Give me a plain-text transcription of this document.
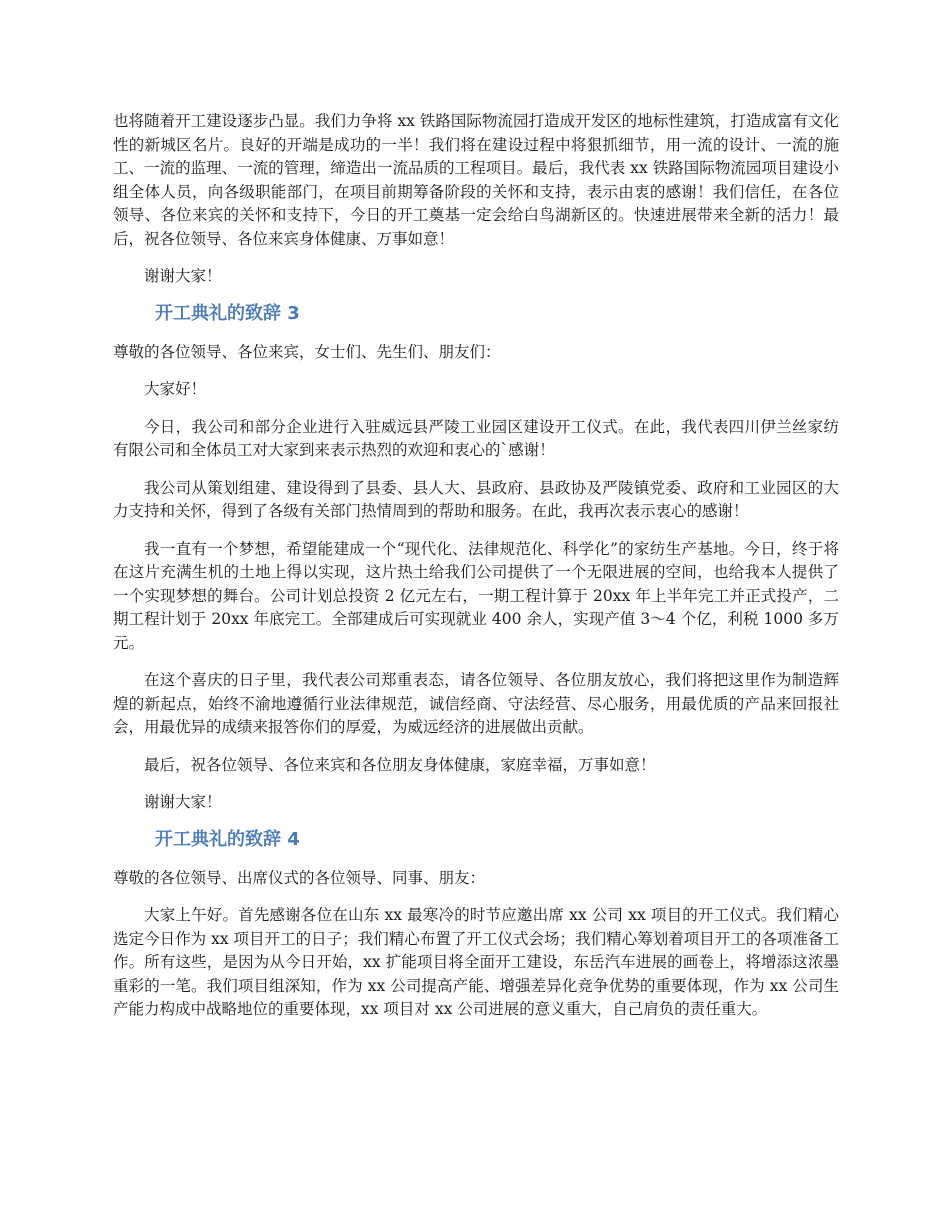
也将随着开工建设逐步凸显。我们力争将 xx 铁路国际物流园打造成开发区的地标性建筑，打造成富有文化性的新城区名片。良好的开端是成功的一半！我们将在建设过程中将狠抓细节，用一流的设计、一流的施工、一流的监理、一流的管理，缔造出一流品质的工程项目。最后，我代表 xx 铁路国际物流园项目建设小组全体人员，向各级职能部门，在项目前期筹备阶段的关怀和支持，表示由衷的感谢！我们信任，在各位领导、各位来宾的关怀和支持下，今日的开工奠基一定会给白鸟湖新区的。快速进展带来全新的活力！最后，祝各位领导、各位来宾身体健康、万事如意！

谢谢大家！

开工典礼的致辞 3

尊敬的各位领导、各位来宾，女士们、先生们、朋友们：

大家好！

今日，我公司和部分企业进行入驻威远县严陵工业园区建设开工仪式。在此，我代表四川伊兰丝家纺有限公司和全体员工对大家到来表示热烈的欢迎和衷心的`感谢！

我公司从策划组建、建设得到了县委、县人大、县政府、县政协及严陵镇党委、政府和工业园区的大力支持和关怀，得到了各级有关部门热情周到的帮助和服务。在此，我再次表示衷心的感谢！

我一直有一个梦想，希望能建成一个“现代化、法律规范化、科学化”的家纺生产基地。今日，终于将在这片充满生机的土地上得以实现，这片热土给我们公司提供了一个无限进展的空间，也给我本人提供了一个实现梦想的舞台。公司计划总投资 2 亿元左右，一期工程计算于 20xx 年上半年完工并正式投产，二期工程计划于 20xx 年底完工。全部建成后可实现就业 400 余人，实现产值 3～4 个亿，利税 1000 多万元。

在这个喜庆的日子里，我代表公司郑重表态，请各位领导、各位朋友放心，我们将把这里作为制造辉煌的新起点，始终不渝地遵循行业法律规范，诚信经商、守法经营、尽心服务，用最优质的产品来回报社会，用最优异的成绩来报答你们的厚爱，为威远经济的进展做出贡献。

最后，祝各位领导、各位来宾和各位朋友身体健康，家庭幸福，万事如意！

谢谢大家！

开工典礼的致辞 4

尊敬的各位领导、出席仪式的各位领导、同事、朋友：

大家上午好。首先感谢各位在山东 xx 最寒冷的时节应邀出席 xx 公司 xx 项目的开工仪式。我们精心选定今日作为 xx 项目开工的日子；我们精心布置了开工仪式会场；我们精心筹划着项目开工的各项准备工作。所有这些，是因为从今日开始，xx 扩能项目将全面开工建设，东岳汽车进展的画卷上，将增添这浓墨重彩的一笔。我们项目组深知，作为 xx 公司提高产能、增强差异化竞争优势的重要体现，作为 xx 公司生产能力构成中战略地位的重要体现，xx 项目对 xx 公司进展的意义重大，自己肩负的责任重大。
